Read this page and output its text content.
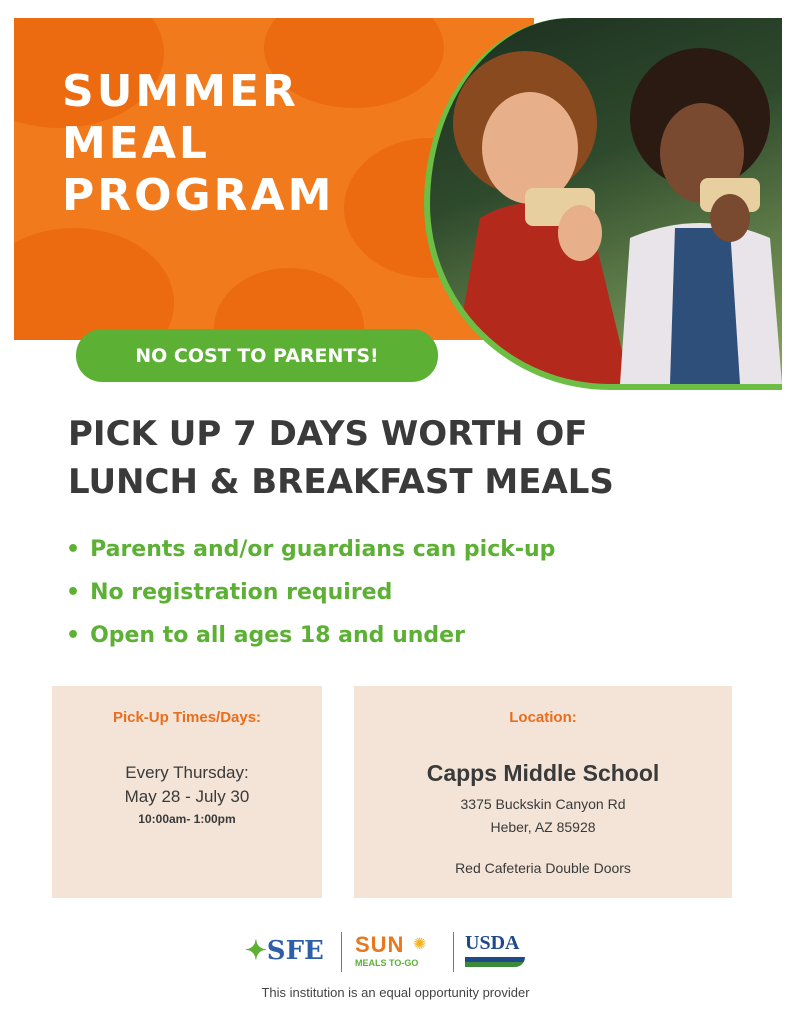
SUMMER
MEAL
PROGRAM
NO COST TO PARENTS!
PICK UP 7 DAYS WORTH OF
LUNCH & BREAKFAST MEALS
• Parents and/or guardians can pick-up
• No registration required
• Open to all ages 18 and under
Pick-Up Times/Days:
Every Thursday:
May 28 - July 30
10:00am- 1:00pm
Location:
Capps Middle School
3375 Buckskin Canyon Rd
Heber, AZ 85928
Red Cafeteria Double Doors
✦SFE SUN
MEALS TO-GO
✺ USDA
This institution is an equal opportunity provider
